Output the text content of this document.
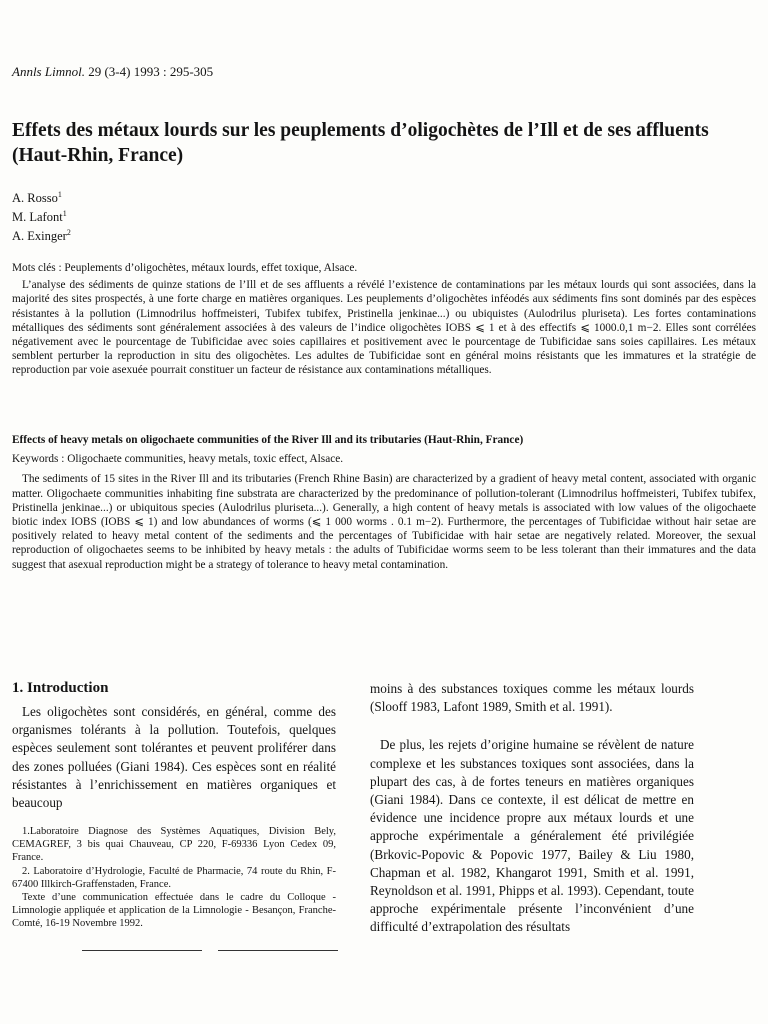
Annls Limnol. 29 (3-4) 1993 : 295-305
Effets des métaux lourds sur les peuplements d’oligochètes de l’Ill et de ses affluents (Haut-Rhin, France)
A. Rosso$^1$
M. Lafont$^1$
A. Exinger$^2$

Mots clés : Peuplements d’oligochètes, métaux lourds, effet toxique, Alsace.

L’analyse des sédiments de quinze stations de l’Ill et de ses affluents a révélé l’existence de contaminations par les métaux lourds qui sont associées, dans la majorité des sites prospectés, à une forte charge en matières organiques. Les peuplements d’oligochètes inféodés aux sédiments fins sont dominés par des espèces résistantes à la pollution (Limnodrilus hoffmeisteri, Tubifex tubifex, Pristinella jenkinae...) ou ubiquistes (Aulodrilus pluriseta). Les fortes contaminations métalliques des sédiments sont généralement associées à des valeurs de l’indice oligochètes IOBS ⩽ 1 et à des effectifs ⩽ 1000.0,1 m−2. Elles sont corrélées négativement avec le pourcentage de Tubificidae avec soies capillaires et positivement avec le pourcentage de Tubificidae sans soies capillaires. Les métaux semblent perturber la reproduction in situ des oligochètes. Les adultes de Tubificidae sont en général moins résistants que les immatures et la stratégie de reproduction par voie asexuée pourrait constituer un facteur de résistance aux contaminations métalliques.

Effects of heavy metals on oligochaete communities of the River Ill and its tributaries (Haut-Rhin, France)

Keywords : Oligochaete communities, heavy metals, toxic effect, Alsace.

The sediments of 15 sites in the River Ill and its tributaries (French Rhine Basin) are characterized by a gradient of heavy metal content, associated with organic matter. Oligochaete communities inhabiting fine substrata are characterized by the predominance of pollution-tolerant (Limnodrilus hoffmeisteri, Tubifex tubifex, Pristinella jenkinae...) or ubiquitous species (Aulodrilus pluriseta...). Generally, a high content of heavy metals is associated with low values of the oligochaete biotic index IOBS (IOBS ⩽ 1) and low abundances of worms (⩽ 1 000 worms . 0.1 m−2). Furthermore, the percentages of Tubificidae without hair setae are positively related to heavy metal content of the sediments and the percentages of Tubificidae with hair setae are negatively related. Moreover, the sexual reproduction of oligochaetes seems to be inhibited by heavy metals : the adults of Tubificidae worms seem to be less tolerant than their immatures and the data suggest that asexual reproduction might be a strategy of tolerance to heavy metal contamination.

1. Introduction

Les oligochètes sont considérés, en général, comme des organismes tolérants à la pollution. Toutefois, quelques espèces seulement sont tolérantes et peuvent proliférer dans des zones polluées (Giani 1984). Ces espèces sont en réalité résistantes à l’enrichissement en matières organiques et beaucoup

1.Laboratoire Diagnose des Systèmes Aquatiques, Division Bely, CEMAGREF, 3 bis quai Chauveau, CP 220, F-69336 Lyon Cedex 09, France.

2. Laboratoire d’Hydrologie, Faculté de Pharmacie, 74 route du Rhin, F-67400 Illkirch-Graffenstaden, France.

Texte d’une communication effectuée dans le cadre du Colloque - Limnologie appliquée et application de la Limnologie - Besançon, Franche-Comté, 16-19 Novembre 1992.

moins à des substances toxiques comme les métaux lourds (Slooff 1983, Lafont 1989, Smith et al. 1991).

De plus, les rejets d’origine humaine se révèlent de nature complexe et les substances toxiques sont associées, dans la plupart des cas, à de fortes teneurs en matières organiques (Giani 1984). Dans ce contexte, il est délicat de mettre en évidence une incidence propre aux métaux lourds et une approche expérimentale a généralement été privilégiée (Brkovic-Popovic & Popovic 1977, Bailey & Liu 1980, Chapman et al. 1982, Khangarot 1991, Smith et al. 1991, Reynoldson et al. 1991, Phipps et al. 1993). Cependant, toute approche expérimentale présente l’inconvénient d’une difficulté d’extrapolation des résultats
